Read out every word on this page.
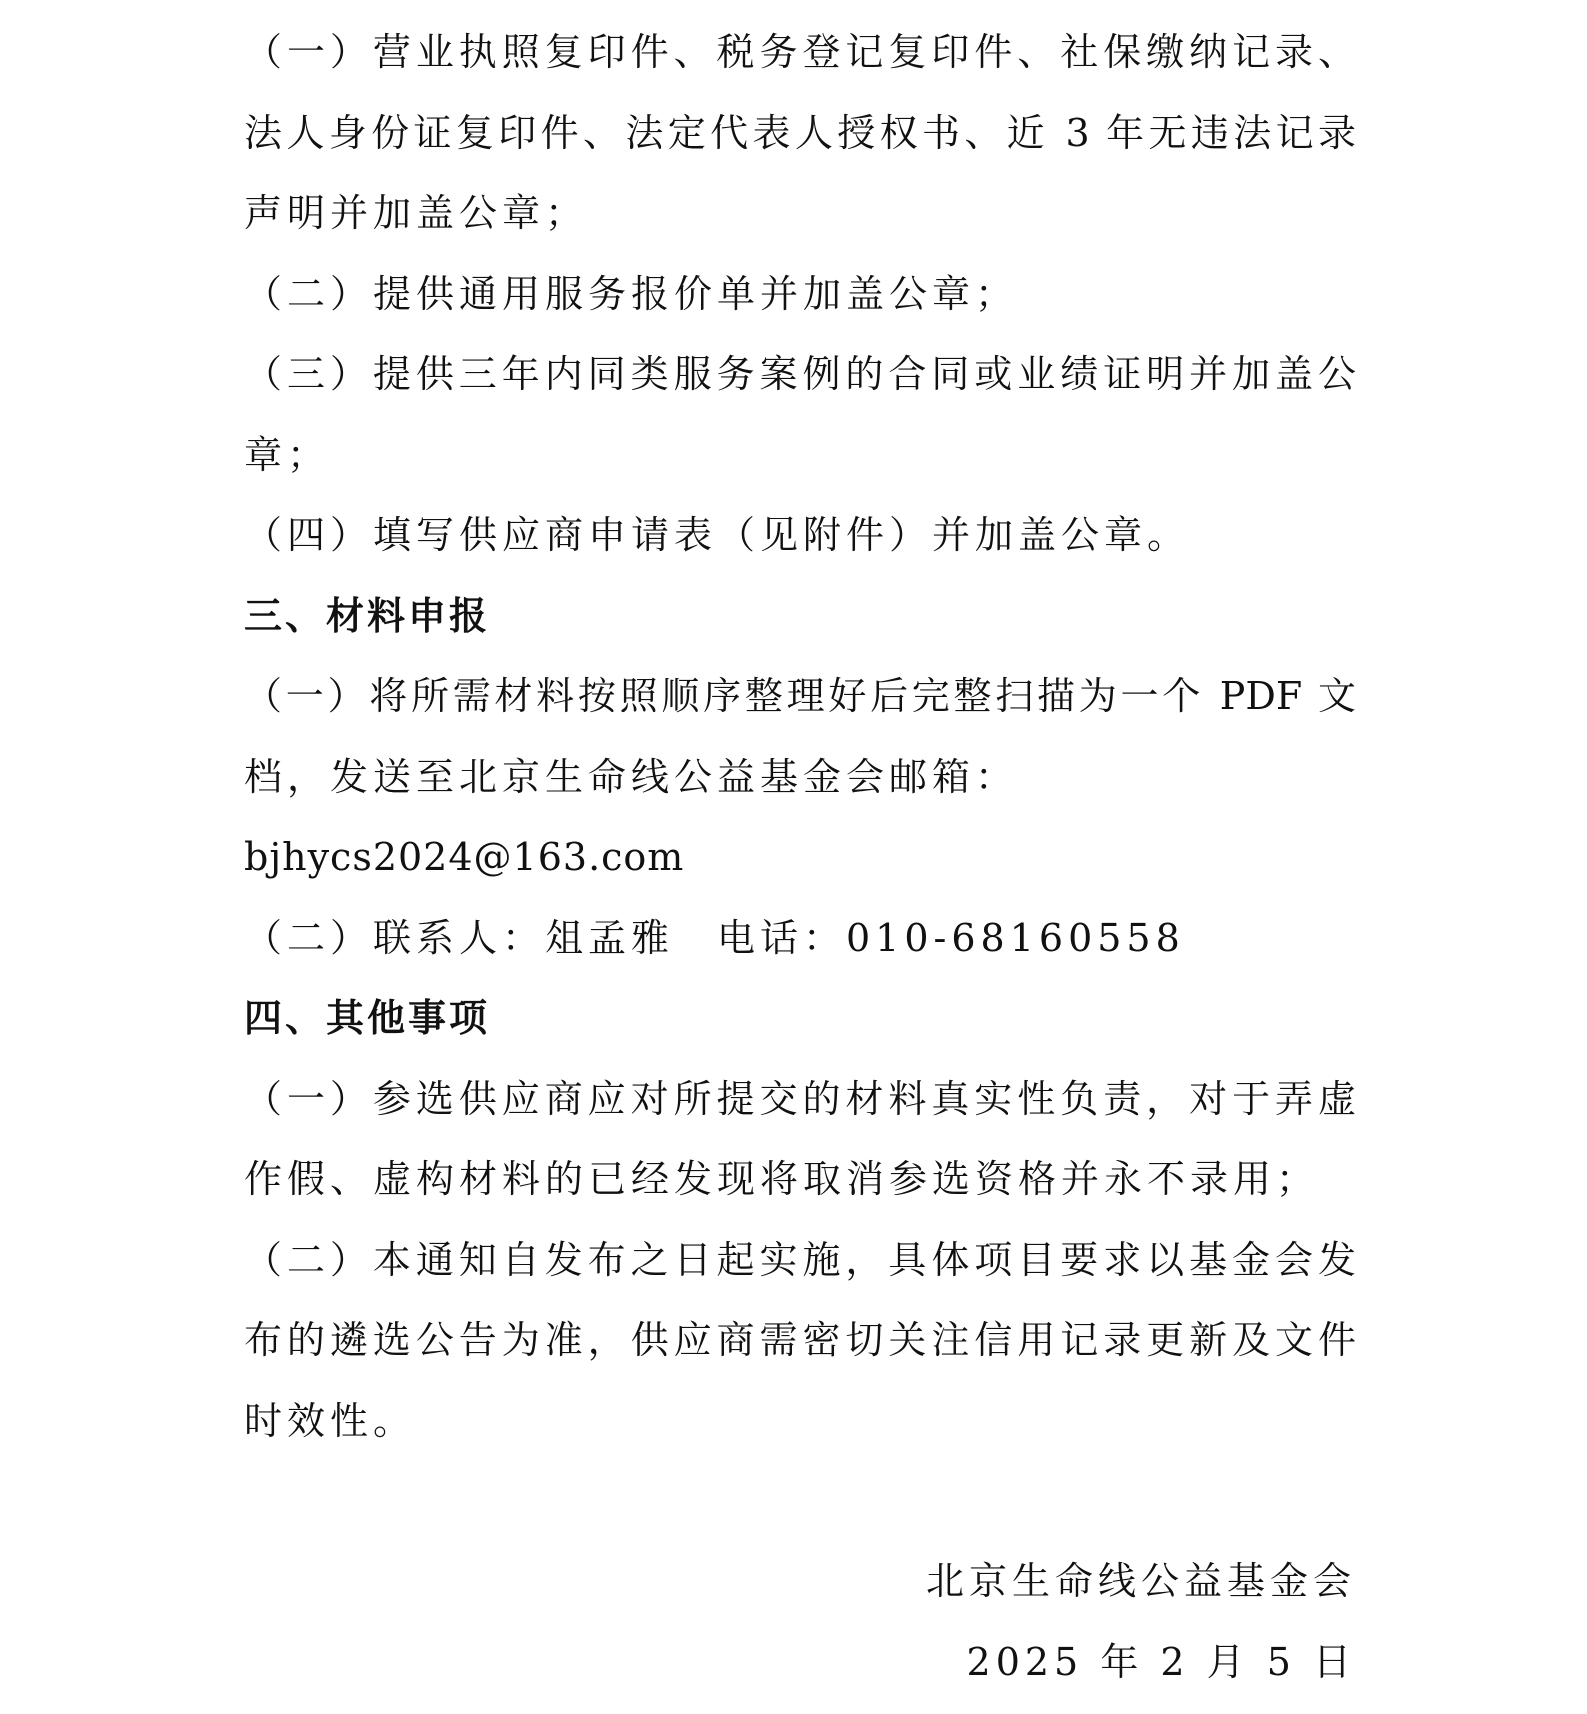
（一）营业执照复印件、税务登记复印件、社保缴纳记录、
法人身份证复印件、法定代表人授权书、近 3 年无违法记录
声明并加盖公章；
（二）提供通用服务报价单并加盖公章；
（三）提供三年内同类服务案例的合同或业绩证明并加盖公
章；
（四）填写供应商申请表（见附件）并加盖公章。
三、材料申报
（一）将所需材料按照顺序整理好后完整扫描为一个 PDF 文
档，发送至北京生命线公益基金会邮箱：
bjhycs2024@163.com
（二）联系人：俎孟雅　电话：010-68160558
四、其他事项
（一）参选供应商应对所提交的材料真实性负责，对于弄虚
作假、虚构材料的已经发现将取消参选资格并永不录用；
（二）本通知自发布之日起实施，具体项目要求以基金会发
布的遴选公告为准，供应商需密切关注信用记录更新及文件
时效性。
北京生命线公益基金会
2025 年 2 月 5 日
